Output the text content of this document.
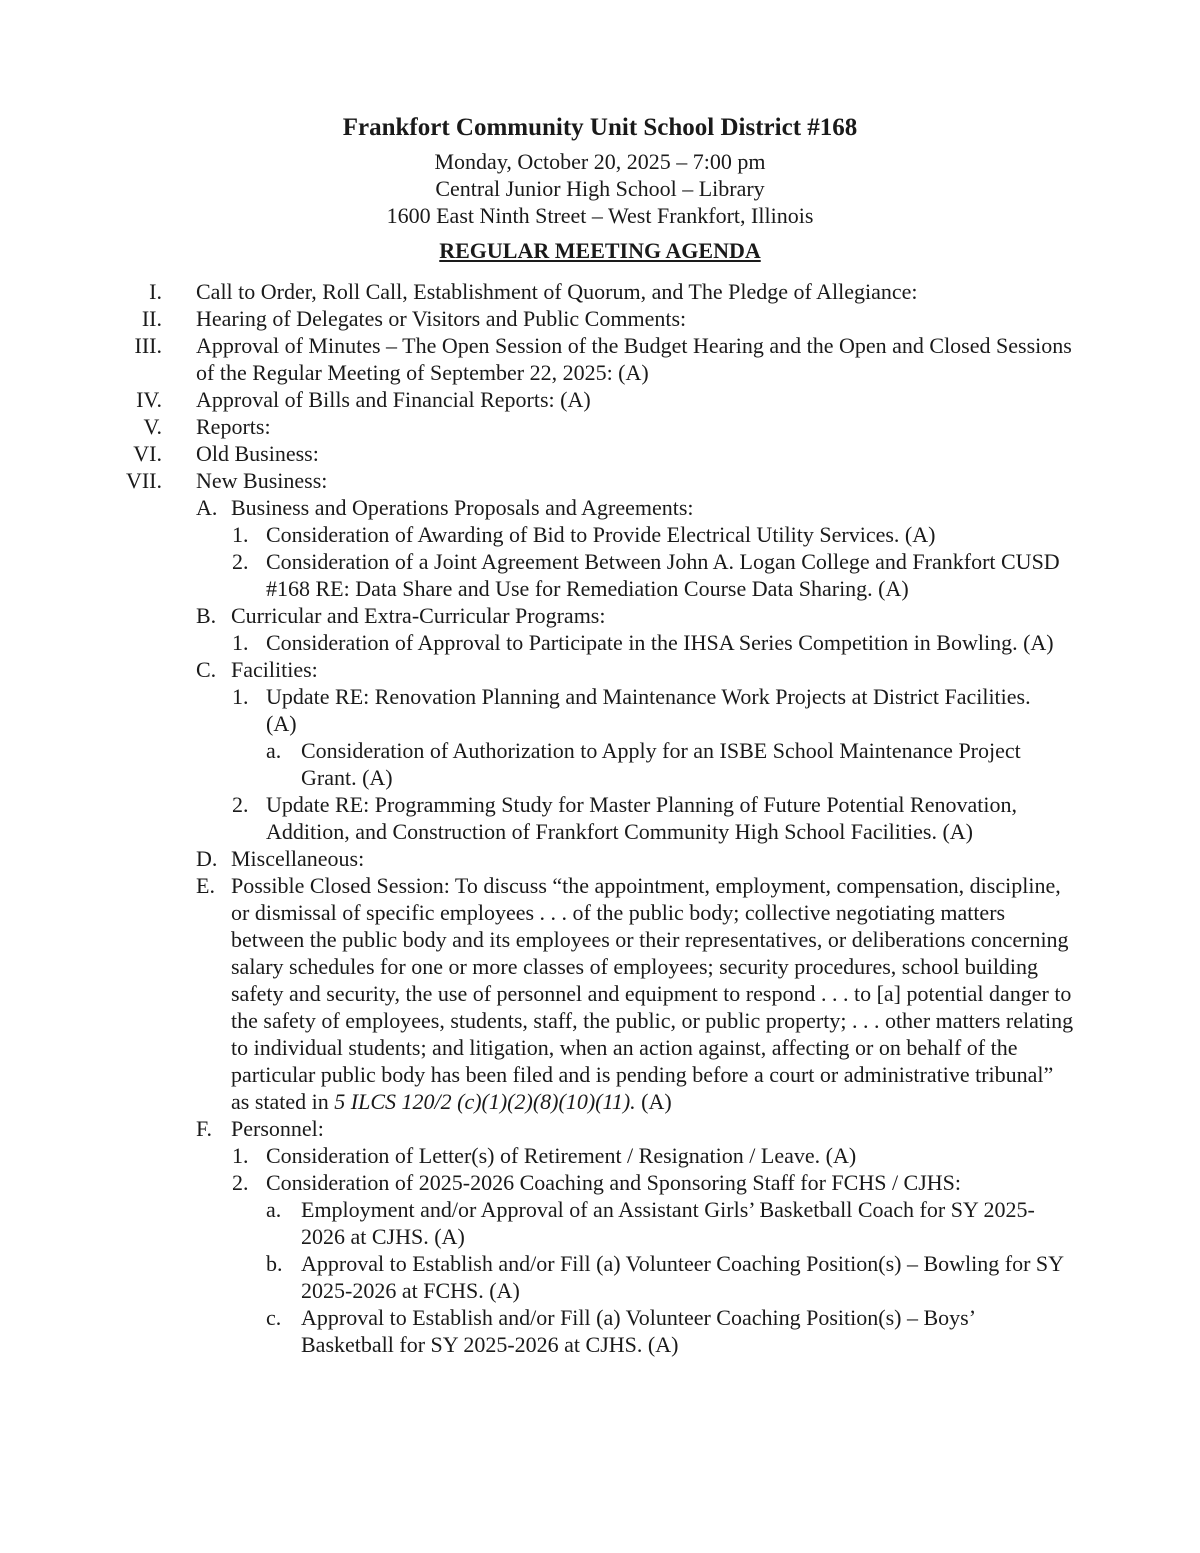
Frankfort Community Unit School District #168
Monday, October 20, 2025 – 7:00 pm
Central Junior High School – Library
1600 East Ninth Street – West Frankfort, Illinois
REGULAR MEETING AGENDA
I. Call to Order, Roll Call, Establishment of Quorum, and The Pledge of Allegiance:
II. Hearing of Delegates or Visitors and Public Comments:
III. Approval of Minutes – The Open Session of the Budget Hearing and the Open and Closed Sessions of the Regular Meeting of September 22, 2025: (A)
IV. Approval of Bills and Financial Reports: (A)
V. Reports:
VI. Old Business:
VII. New Business:
A. Business and Operations Proposals and Agreements:
1. Consideration of Awarding of Bid to Provide Electrical Utility Services. (A)
2. Consideration of a Joint Agreement Between John A. Logan College and Frankfort CUSD #168 RE: Data Share and Use for Remediation Course Data Sharing. (A)
B. Curricular and Extra-Curricular Programs:
1. Consideration of Approval to Participate in the IHSA Series Competition in Bowling. (A)
C. Facilities:
1. Update RE: Renovation Planning and Maintenance Work Projects at District Facilities. (A)
a. Consideration of Authorization to Apply for an ISBE School Maintenance Project Grant. (A)
2. Update RE: Programming Study for Master Planning of Future Potential Renovation, Addition, and Construction of Frankfort Community High School Facilities. (A)
D. Miscellaneous:
E. Possible Closed Session: To discuss “the appointment, employment, compensation, discipline, or dismissal of specific employees . . . of the public body; collective negotiating matters between the public body and its employees or their representatives, or deliberations concerning salary schedules for one or more classes of employees; security procedures, school building safety and security, the use of personnel and equipment to respond . . . to [a] potential danger to the safety of employees, students, staff, the public, or public property; . . . other matters relating to individual students; and litigation, when an action against, affecting or on behalf of the particular public body has been filed and is pending before a court or administrative tribunal” as stated in 5 ILCS 120/2 (c)(1)(2)(8)(10)(11). (A)
F. Personnel:
1. Consideration of Letter(s) of Retirement / Resignation / Leave. (A)
2. Consideration of 2025-2026 Coaching and Sponsoring Staff for FCHS / CJHS:
a. Employment and/or Approval of an Assistant Girls’ Basketball Coach for SY 2025-2026 at CJHS. (A)
b. Approval to Establish and/or Fill (a) Volunteer Coaching Position(s) – Bowling for SY 2025-2026 at FCHS. (A)
c. Approval to Establish and/or Fill (a) Volunteer Coaching Position(s) – Boys’ Basketball for SY 2025-2026 at CJHS. (A)
